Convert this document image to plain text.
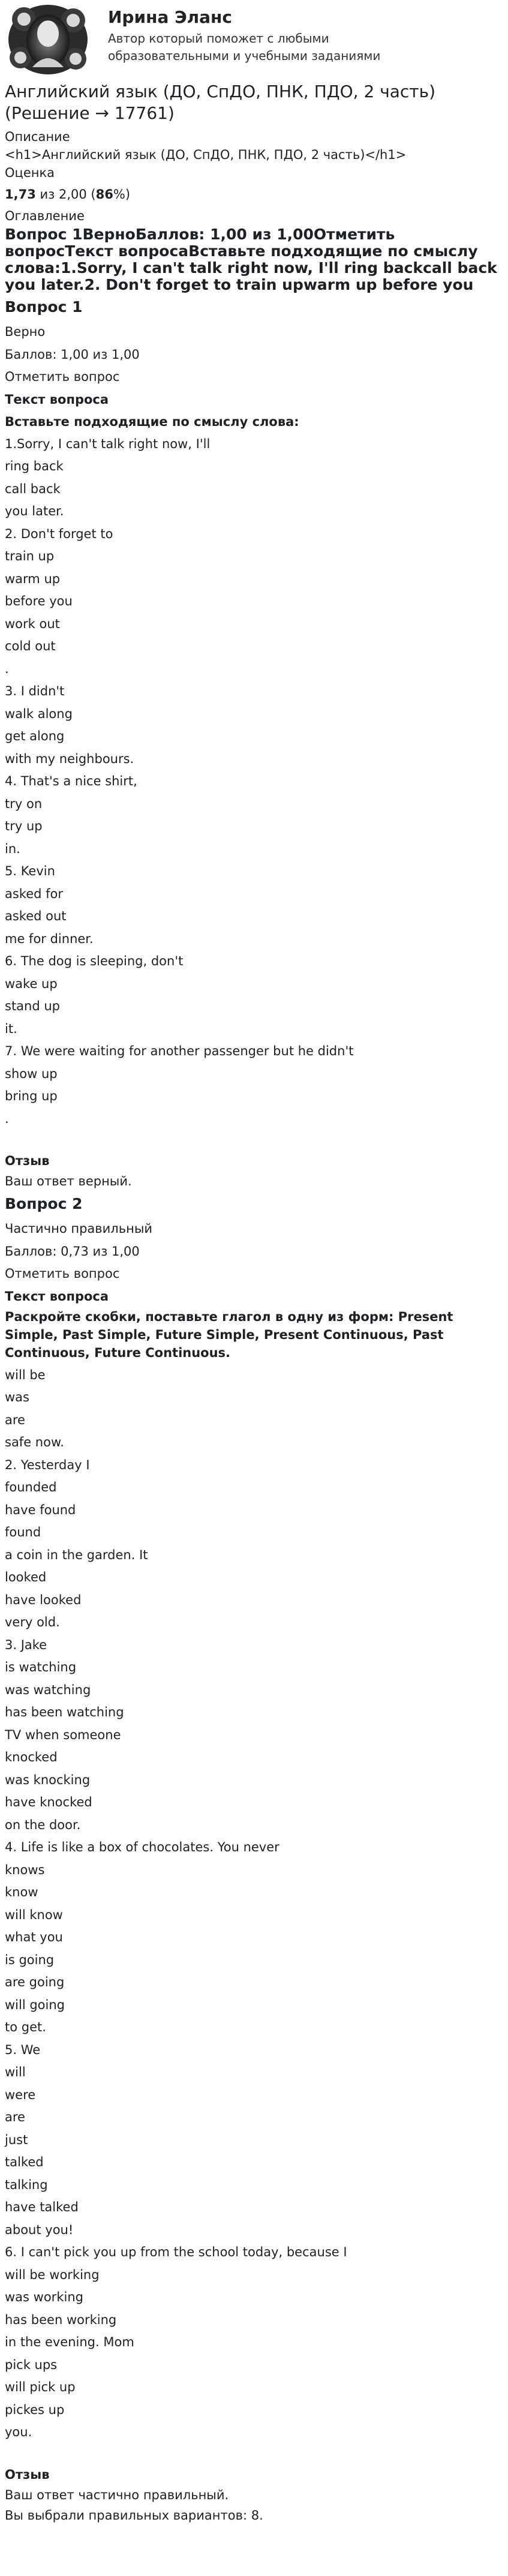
Ирина Эланс
Автор который поможет с любыми образовательными и учебными заданиями
Английский язык (ДО, СпДО, ПНК, ПДО, 2 часть) (Решение → 17761)
Описание
<h1>Английский язык (ДО, СпДО, ПНК, ПДО, 2 часть)</h1>
Оценка
1,73 из 2,00 (86%)
Оглавление
Вопрос 1ВерноБаллов: 1,00 из 1,00Отметить вопросТекст вопросаВставьте подходящие по смыслу слова:1.Sorry, I can't talk right now, I'll ring backcall back you later.2. Don't forget to train upwarm up before you
Вопрос 1
Верно
Баллов: 1,00 из 1,00
Отметить вопрос
Текст вопроса
Вставьте подходящие по смыслу слова:
1.Sorry, I can't talk right now, I'll
ring back
call back
you later.
2. Don't forget to
train up
warm up
before you
work out
cold out
.
3. I didn't
walk along
get along
with my neighbours.
4. That's a nice shirt,
try on
try up
in.
5. Kevin
asked for
asked out
me for dinner.
6. The dog is sleeping, don't
wake up
stand up
it.
7. We were waiting for another passenger but he didn't
show up
bring up
.
Отзыв
Ваш ответ верный.
Вопрос 2
Частично правильный
Баллов: 0,73 из 1,00
Отметить вопрос
Текст вопроса
Раскройте скобки, поставьте глагол в одну из форм: Present Simple, Past Simple, Future Simple, Present Continuous, Past Continuous, Future Continuous.
will be
was
are
safe now.
2. Yesterday I
founded
have found
found
a coin in the garden. It
looked
have looked
very old.
3. Jake
is watching
was watching
has been watching
TV when someone
knocked
was knocking
have knocked
on the door.
4. Life is like a box of chocolates. You never
knows
know
will know
what you
is going
are going
will going
to get.
5. We
will
were
are
just
talked
talking
have talked
about you!
6. I can't pick you up from the school today, because I
will be working
was working
has been working
in the evening. Mom
pick ups
will pick up
pickes up
you.
Отзыв
Ваш ответ частично правильный.
Вы выбрали правильных вариантов: 8.
